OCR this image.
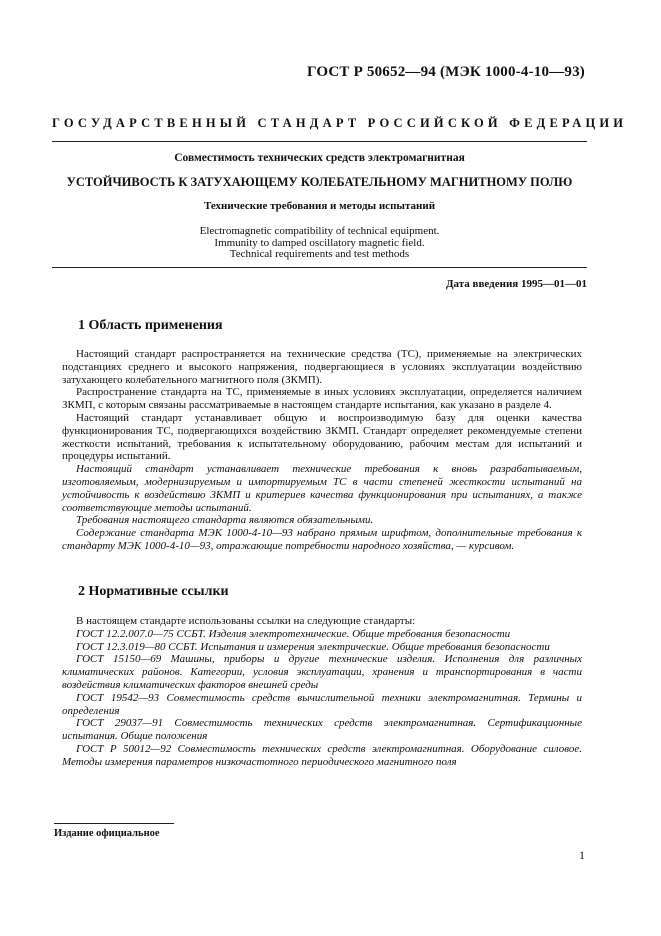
ГОСТ Р 50652—94 (МЭК 1000-4-10—93)
ГОСУДАРСТВЕННЫЙ СТАНДАРТ РОССИЙСКОЙ ФЕДЕРАЦИИ
Совместимость технических средств электромагнитная
УСТОЙЧИВОСТЬ К ЗАТУХАЮЩЕМУ КОЛЕБАТЕЛЬНОМУ МАГНИТНОМУ ПОЛЮ
Технические требования и методы испытаний
Electromagnetic compatibility of technical equipment.
Immunity to damped oscillatory magnetic field.
Technical requirements and test methods
Дата введения 1995—01—01
1 Область применения

Настоящий стандарт распространяется на технические средства (ТС), применяемые на электрических подстанциях среднего и высокого напряжения, подвергающиеся в условиях эксплуатации воздействию затухающего колебательного магнитного поля (ЗКМП).

Распространение стандарта на ТС, применяемые в иных условиях эксплуатации, определяется наличием ЗКМП, с которым связаны рассматриваемые в настоящем стандарте испытания, как указано в разделе 4.

Настоящий стандарт устанавливает общую и воспроизводимую базу для оценки качества функционирования ТС, подвергающихся воздействию ЗКМП. Стандарт определяет рекомендуемые степени жесткости испытаний, требования к испытательному оборудованию, рабочим местам для испытаний и процедуры испытаний.

Настоящий стандарт устанавливает технические требования к вновь разрабатываемым, изготовляемым, модернизируемым и импортируемым ТС в части степеней жесткости испытаний на устойчивость к воздействию ЗКМП и критериев качества функционирования при испытаниях, а также соответствующие методы испытаний.

Требования настоящего стандарта являются обязательными.

Содержание стандарта МЭК 1000-4-10—93 набрано прямым шрифтом, дополнительные требования к стандарту МЭК 1000-4-10—93, отражающие потребности народного хозяйства, — курсивом.

2 Нормативные ссылки

В настоящем стандарте использованы ссылки на следующие стандарты:

ГОСТ 12.2.007.0—75 ССБТ. Изделия электротехнические. Общие требования безопасности

ГОСТ 12.3.019—80 ССБТ. Испытания и измерения электрические. Общие требования безопасности

ГОСТ 15150—69 Машины, приборы и другие технические изделия. Исполнения для различных климатических районов. Категории, условия эксплуатации, хранения и транспортирования в части воздействия климатических факторов внешней среды

ГОСТ 19542—93 Совместимость средств вычислительной техники электромагнитная. Термины и определения

ГОСТ 29037—91 Совместимость технических средств электромагнитная. Сертификационные испытания. Общие положения

ГОСТ Р 50012—92 Совместимость технических средств электромагнитная. Оборудование силовое. Методы измерения параметров низкочастотного периодического магнитного поля

Издание официальное
1
